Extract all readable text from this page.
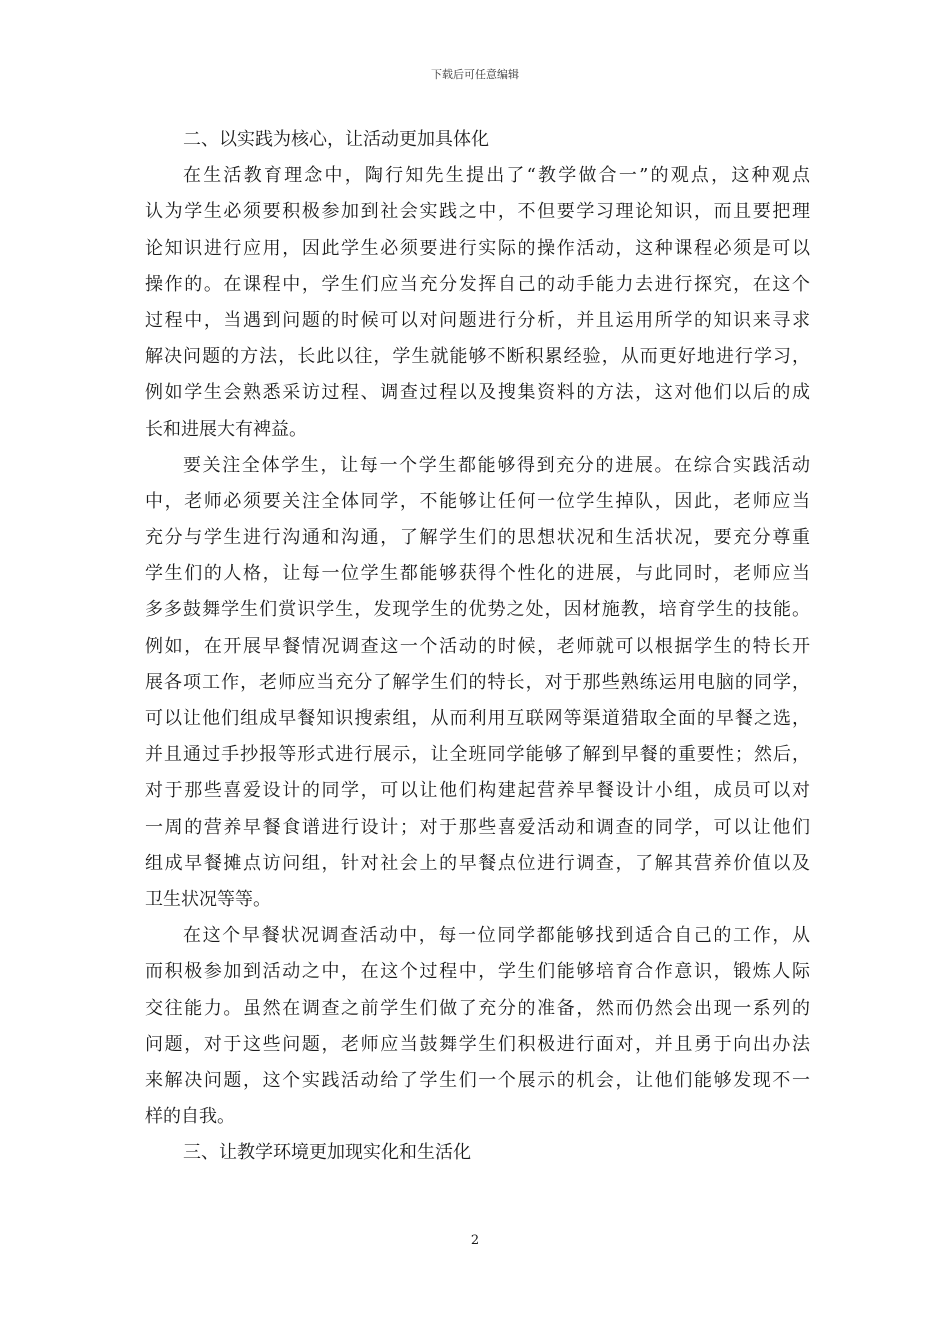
下载后可任意编辑
二、以实践为核心，让活动更加具体化
在生活教育理念中，陶行知先生提出了“教学做合一”的观点，这种观点
认为学生必须要积极参加到社会实践之中，不但要学习理论知识，而且要把理
论知识进行应用，因此学生必须要进行实际的操作活动，这种课程必须是可以
操作的。在课程中，学生们应当充分发挥自己的动手能力去进行探究，在这个
过程中，当遇到问题的时候可以对问题进行分析，并且运用所学的知识来寻求
解决问题的方法，长此以往，学生就能够不断积累经验，从而更好地进行学习，
例如学生会熟悉采访过程、调查过程以及搜集资料的方法，这对他们以后的成
长和进展大有裨益。
要关注全体学生，让每一个学生都能够得到充分的进展。在综合实践活动
中，老师必须要关注全体同学，不能够让任何一位学生掉队，因此，老师应当
充分与学生进行沟通和沟通，了解学生们的思想状况和生活状况，要充分尊重
学生们的人格，让每一位学生都能够获得个性化的进展，与此同时，老师应当
多多鼓舞学生们赏识学生，发现学生的优势之处，因材施教，培育学生的技能。
例如，在开展早餐情况调查这一个活动的时候，老师就可以根据学生的特长开
展各项工作，老师应当充分了解学生们的特长，对于那些熟练运用电脑的同学，
可以让他们组成早餐知识搜索组，从而利用互联网等渠道猎取全面的早餐之选，
并且通过手抄报等形式进行展示，让全班同学能够了解到早餐的重要性；然后，
对于那些喜爱设计的同学，可以让他们构建起营养早餐设计小组，成员可以对
一周的营养早餐食谱进行设计；对于那些喜爱活动和调查的同学，可以让他们
组成早餐摊点访问组，针对社会上的早餐点位进行调查，了解其营养价值以及
卫生状况等等。
在这个早餐状况调查活动中，每一位同学都能够找到适合自己的工作，从
而积极参加到活动之中，在这个过程中，学生们能够培育合作意识，锻炼人际
交往能力。虽然在调查之前学生们做了充分的准备，然而仍然会出现一系列的
问题，对于这些问题，老师应当鼓舞学生们积极进行面对，并且勇于向出办法
来解决问题，这个实践活动给了学生们一个展示的机会，让他们能够发现不一
样的自我。
三、让教学环境更加现实化和生活化
2
